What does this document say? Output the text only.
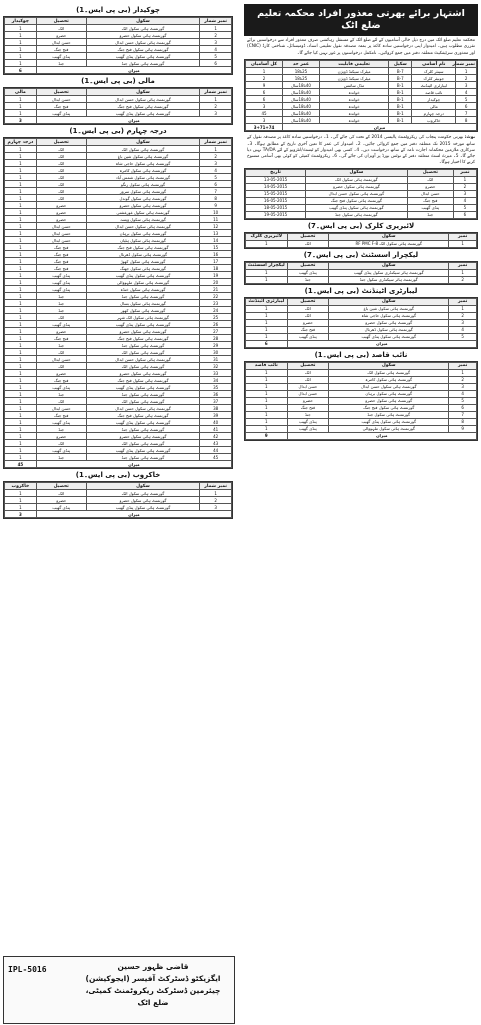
چوکیدار (بی پی ایس۔1)
نمبر شمار	سکول	تحصیل	چوکیدار
1	گورنمنٹ ہائی سکول اٹک	اٹک	1
2	گورنمنٹ ہائی سکول حضرو	حضرو	1
3	گورنمنٹ ہائی سکول حسن ابدال	حسن ابدال	1
4	گورنمنٹ ہائی سکول فتح جنگ	فتح جنگ	1
5	گورنمنٹ ہائی سکول پنڈی گھیب	پنڈی گھیب	1
6	گورنمنٹ ہائی سکول جنڈ	جنڈ	1
میزان			6
مالی (بی پی ایس۔1)
نمبر شمار	سکول	تحصیل	مالی
1	گورنمنٹ ہائی سکول حسن ابدال	حسن ابدال	1
2	گورنمنٹ ہائی سکول فتح جنگ	فتح جنگ	1
3	گورنمنٹ ہائی سکول پنڈی گھیب	پنڈی گھیب	1
میزان			3
درجہ چہارم (بی پی ایس۔1)
نمبر شمار	سکول	تحصیل	درجہ چہارم
1	گورنمنٹ ہائی سکول اٹک	اٹک	1
2	گورنمنٹ ہائی سکول شین باغ	اٹک	1
3	گورنمنٹ ہائی سکول حاجی شاہ	اٹک	1
4	گورنمنٹ ہائی سکول کامرہ	اٹک	1
5	گورنمنٹ ہائی سکول شمس آباد	اٹک	1
6	گورنمنٹ ہائی سکول رنگو	اٹک	1
7	گورنمنٹ ہائی سکول سرور	اٹک	1
8	گورنمنٹ ہائی سکول گوندل	اٹک	1
9	گورنمنٹ ہائی سکول حضرو	حضرو	1
10	گورنمنٹ ہائی سکول غورغشتی	حضرو	1
11	گورنمنٹ ہائی سکول ویسہ	حضرو	1
12	گورنمنٹ ہائی سکول حسن ابدال	حسن ابدال	1
13	گورنمنٹ ہائی سکول برہان	حسن ابدال	1
14	گورنمنٹ ہائی سکول ہٹیاں	حسن ابدال	1
15	گورنمنٹ ہائی سکول فتح جنگ	فتح جنگ	1
16	گورنمنٹ ہائی سکول ڈھرنال	فتح جنگ	1
17	گورنمنٹ ہائی سکول کھوڑ	فتح جنگ	1
18	گورنمنٹ ہائی سکول جھنگ	فتح جنگ	1
19	گورنمنٹ ہائی سکول پنڈی گھیب	پنڈی گھیب	1
20	گورنمنٹ ہائی سکول ملہووالی	پنڈی گھیب	1
21	گورنمنٹ ہائی سکول خنڈہ	پنڈی گھیب	1
22	گورنمنٹ ہائی سکول جنڈ	جنڈ	1
23	گورنمنٹ ہائی سکول بسال	جنڈ	1
24	گورنمنٹ ہائی سکول کھور	جنڈ	1
25	گورنمنٹ ہائی سکول اٹک شہر	اٹک	1
26	گورنمنٹ ہائی سکول پنڈی گھیب	پنڈی گھیب	1
27	گورنمنٹ ہائی سکول حضرو	حضرو	1
28	گورنمنٹ ہائی سکول فتح جنگ	فتح جنگ	1
29	گورنمنٹ ہائی سکول جنڈ	جنڈ	1
30	گورنمنٹ ہائی سکول اٹک	اٹک	1
31	گورنمنٹ ہائی سکول حسن ابدال	حسن ابدال	1
32	گورنمنٹ ہائی سکول اٹک	اٹک	1
33	گورنمنٹ ہائی سکول حضرو	حضرو	1
34	گورنمنٹ ہائی سکول فتح جنگ	فتح جنگ	1
35	گورنمنٹ ہائی سکول پنڈی گھیب	پنڈی گھیب	1
36	گورنمنٹ ہائی سکول جنڈ	جنڈ	1
37	گورنمنٹ ہائی سکول اٹک	اٹک	1
38	گورنمنٹ ہائی سکول حسن ابدال	حسن ابدال	1
39	گورنمنٹ ہائی سکول فتح جنگ	فتح جنگ	1
40	گورنمنٹ ہائی سکول پنڈی گھیب	پنڈی گھیب	1
41	گورنمنٹ ہائی سکول جنڈ	جنڈ	1
42	گورنمنٹ ہائی سکول حضرو	حضرو	1
43	گورنمنٹ ہائی سکول اٹک	اٹک	1
44	گورنمنٹ ہائی سکول پنڈی گھیب	پنڈی گھیب	1
45	گورنمنٹ ہائی سکول جنڈ	جنڈ	1
میزان			45
خاکروب (بی پی ایس۔1)
نمبر شمار	سکول	تحصیل	خاکروب
1	گورنمنٹ ہائی سکول اٹک	اٹک	1
2	گورنمنٹ ہائی سکول حضرو	حضرو	1
3	گورنمنٹ ہائی سکول پنڈی گھیب	پنڈی گھیب	1
میزان			3
IPL-5016	قاضی ظہور حسین
ایگزیکٹو ڈسٹرکٹ آفیسر (ایجوکیشن)
چیئرمین ڈسٹرکٹ ریکروٹمنٹ کمیٹی، ضلع اٹک
اشتہار برائے بھرتی معذور افراد محکمہ تعلیم ضلع اٹک
محکمہ تعلیم ضلع اٹک میں درج ذیل خالی آسامیوں کے لئے ضلع اٹک کے مستقل رہائشی صرف معذور افراد سے درخواستیں برائے تقرری مطلوب ہیں۔ امیدوار اپنی درخواستیں سادہ کاغذ پر بمعہ مصدقہ نقول تعلیمی اسناد، ڈومیسائل، شناختی کارڈ (CNIC) اور معذوری سرٹیفکیٹ متعلقہ دفتر میں جمع کروائیں۔ نامکمل درخواستوں پر غور نہیں کیا جائے گا۔
نمبر شمار	نام آسامی	سکیل	تعلیمی قابلیت	عمر حد	کل آسامیاں
1	سینئر کلرک	B-7	میٹرک سیکنڈ ڈویژن	25تا18	1
2	جونیئر کلرک	B-7	میٹرک سیکنڈ ڈویژن	25تا18	2
3	لیبارٹری اٹینڈنٹ	B-1	مڈل سائنس	40تا18سال	9
4	نائب قاصد	B-1	خواندہ	40تا18سال	6
5	چوکیدار	B-1	خواندہ	40تا18سال	6
6	مالی	B-1	خواندہ	40تا18سال	3
7	درجہ چہارم	B-1	خواندہ	40تا18سال	45
8	خاکروب	B-1	خواندہ	40تا18سال	3
میزان					3+71+74
نوٹ: بھرتی حکومت پنجاب کی ریکروٹمنٹ پالیسی 2014 کے تحت کی جائے گی۔ 1۔ درخواستیں سادہ کاغذ پر مصدقہ نقول کے ساتھ مورخہ 2015 تک متعلقہ دفتر میں جمع کروائی جائیں۔ 2۔ امیدوار کی عمر کا تعین آخری تاریخ کے مطابق ہوگا۔ 3۔ سرکاری ملازمین محکمانہ اجازت نامہ کے ساتھ درخواست دیں۔ 4۔ کسی بھی امیدوار کو ٹیسٹ/انٹرویو کے لئے TA/DA نہیں دیا جائے گا۔ 5۔ میرٹ لسٹ متعلقہ دفتر کے نوٹس بورڈ پر آویزاں کی جائے گی۔ 6۔ ریکروٹمنٹ کمیٹی کو کوئی بھی آسامی منسوخ کرنے کا اختیار ہوگا۔
نمبر	تحصیل	سکول	تاریخ
1	اٹک	گورنمنٹ ہائی سکول اٹک	13-05-2015
2	حضرو	گورنمنٹ ہائی سکول حضرو	14-05-2015
3	حسن ابدال	گورنمنٹ ہائی سکول حسن ابدال	15-05-2015
4	فتح جنگ	گورنمنٹ ہائی سکول فتح جنگ	16-05-2015
5	پنڈی گھیب	گورنمنٹ ہائی سکول پنڈی گھیب	18-05-2015
6	جنڈ	گورنمنٹ ہائی سکول جنڈ	19-05-2015
لائبریری کلرک (بی پی ایس۔7)
نمبر	سکول	تحصیل	لائبریری کلرک
1	گورنمنٹ ہائی سکول اٹک RF PMC F-8	اٹک	1
لیکچرار اسسٹنٹ (بی پی ایس۔7)
نمبر	سکول	تحصیل	لیکچرار اسسٹنٹ
1	گورنمنٹ ہائر سیکنڈری سکول پنڈی گھیب	پنڈی گھیب	1
2	گورنمنٹ ہائر سیکنڈری سکول جنڈ	جنڈ	1
لیبارٹری اٹینڈنٹ (بی پی ایس۔1)
نمبر	سکول	تحصیل	لیبارٹری اٹینڈنٹ
1	گورنمنٹ ہائی سکول شین باغ	اٹک	1
2	گورنمنٹ ہائی سکول حاجی شاہ	اٹک	1
3	گورنمنٹ ہائی سکول حضرو	حضرو	1
4	گورنمنٹ ہائی سکول ڈھرنال	فتح جنگ	1
5	گورنمنٹ ہائی سکول پنڈی گھیب	پنڈی گھیب	1
میزان			6
نائب قاصد (بی پی ایس۔1)
نمبر	سکول	تحصیل	نائب قاصد
1	گورنمنٹ ہائی سکول اٹک	اٹک	1
2	گورنمنٹ ہائی سکول کامرہ	اٹک	1
3	گورنمنٹ ہائی سکول حسن ابدال	حسن ابدال	1
4	گورنمنٹ ہائی سکول برہان	حسن ابدال	1
5	گورنمنٹ ہائی سکول حضرو	حضرو	1
6	گورنمنٹ ہائی سکول فتح جنگ	فتح جنگ	1
7	گورنمنٹ ہائی سکول جنڈ	جنڈ	1
8	گورنمنٹ ہائی سکول پنڈی گھیب	پنڈی گھیب	1
9	گورنمنٹ ہائی سکول ملہووالی	پنڈی گھیب	1
میزان			9
